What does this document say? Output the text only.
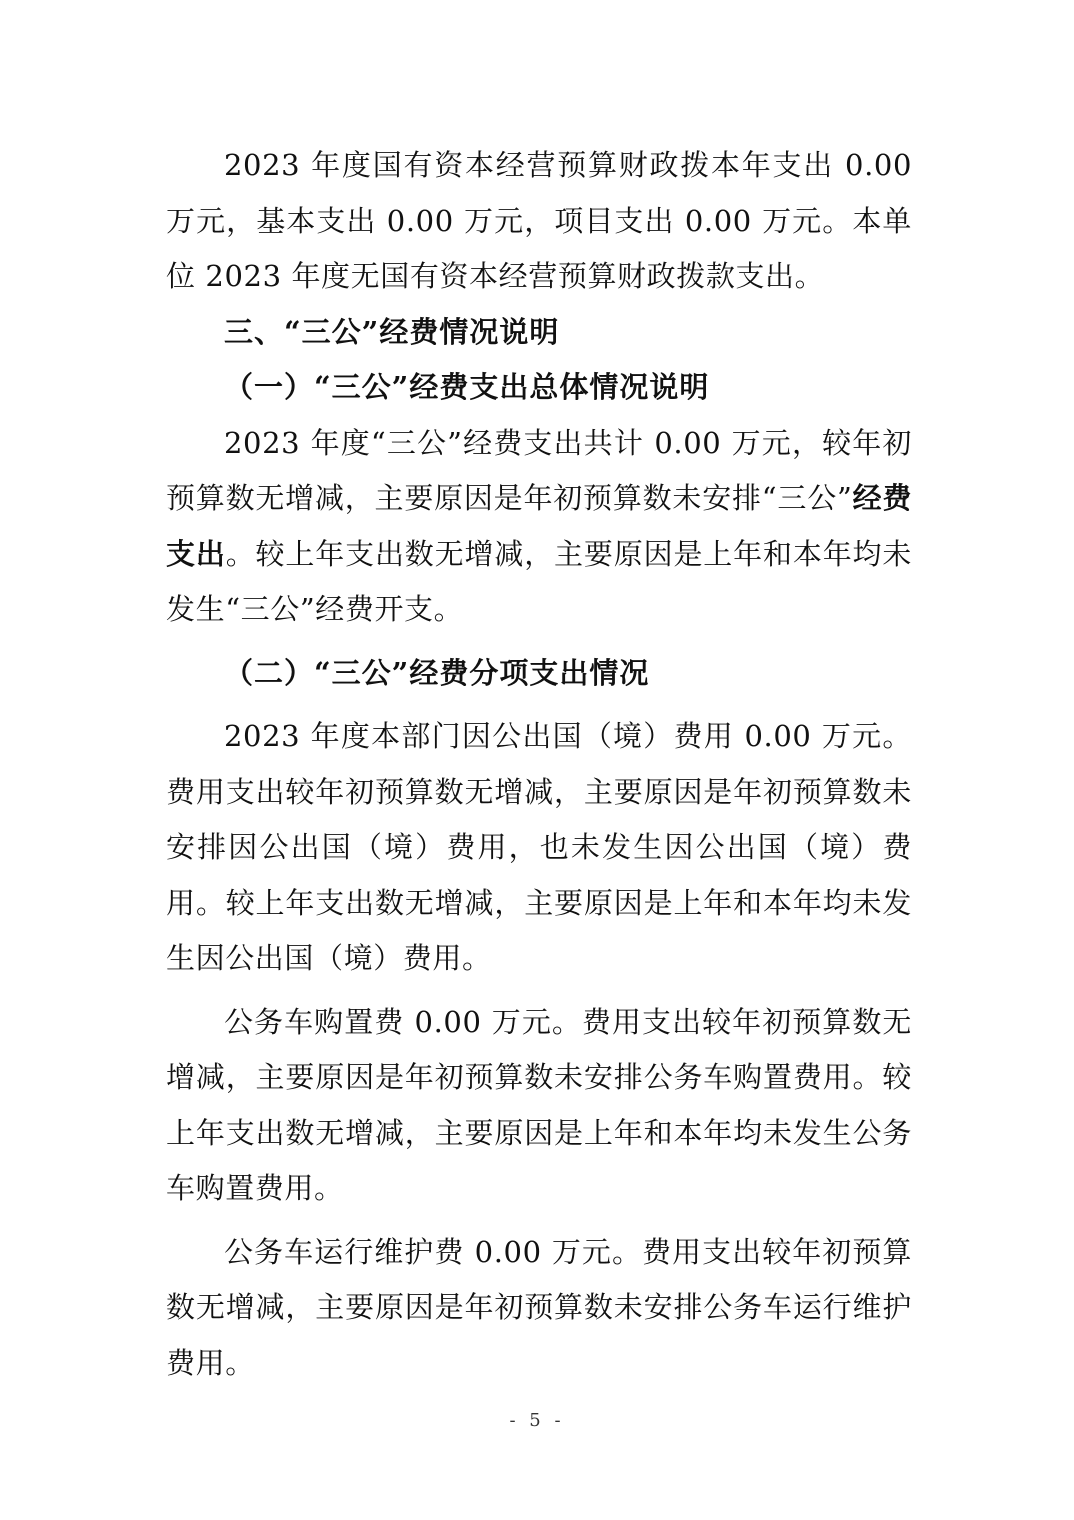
2023 年度国有资本经营预算财政拨本年支出 0.00 万元，基本支出 0.00 万元，项目支出 0.00 万元。本单位 2023 年度无国有资本经营预算财政拨款支出。

三、“三公”经费情况说明

（一）“三公”经费支出总体情况说明

2023 年度“三公”经费支出共计 0.00 万元，较年初预算数无增减，主要原因是年初预算数未安排“三公”经费支出。较上年支出数无增减，主要原因是上年和本年均未发生“三公”经费开支。

（二）“三公”经费分项支出情况

2023 年度本部门因公出国（境）费用 0.00 万元。费用支出较年初预算数无增减，主要原因是年初预算数未安排因公出国（境）费用，也未发生因公出国（境）费用。较上年支出数无增减，主要原因是上年和本年均未发生因公出国（境）费用。

公务车购置费 0.00 万元。费用支出较年初预算数无增减，主要原因是年初预算数未安排公务车购置费用。较上年支出数无增减，主要原因是上年和本年均未发生公务车购置费用。

公务车运行维护费 0.00 万元。费用支出较年初预算数无增减，主要原因是年初预算数未安排公务车运行维护费用。

- 5 -
